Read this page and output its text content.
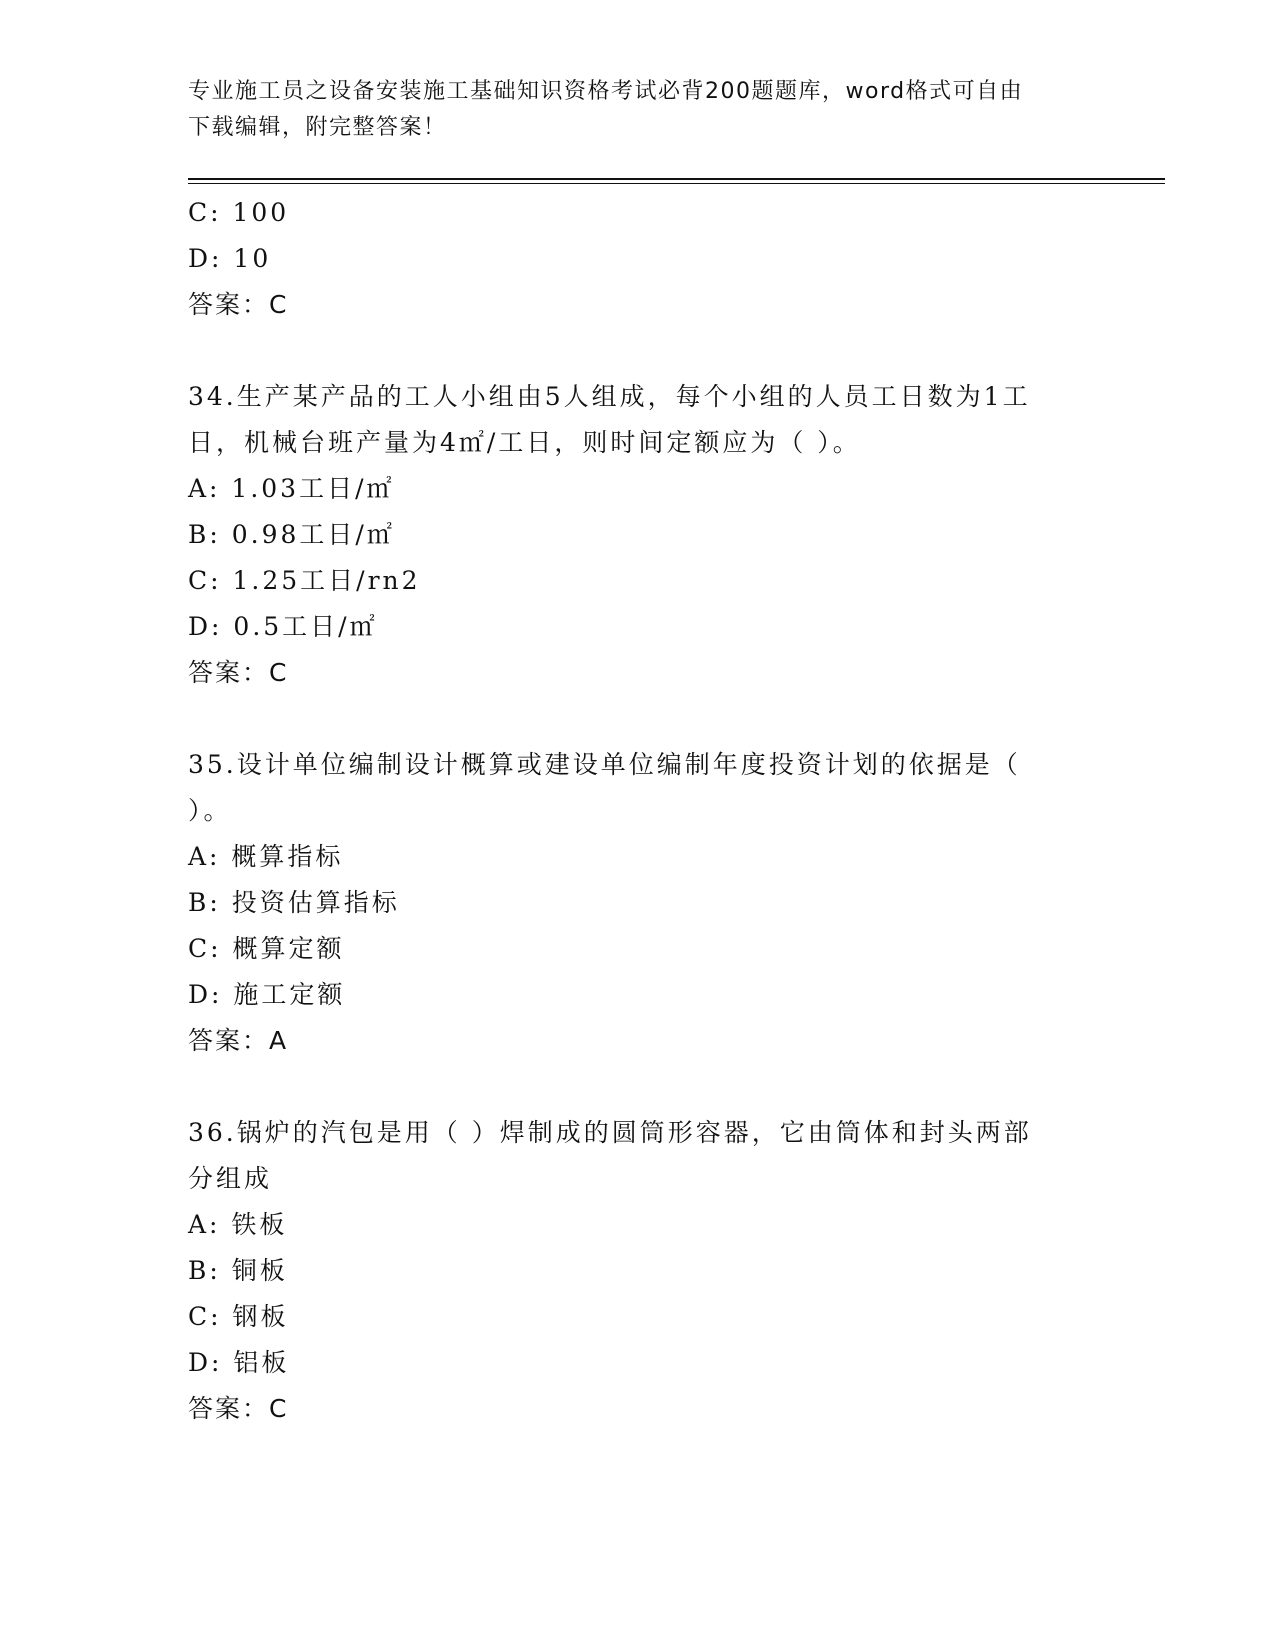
专业施工员之设备安装施工基础知识资格考试必背200题题库，word格式可自由
下载编辑，附完整答案！
C: 100
D: 10
答案：C
34.生产某产品的工人小组由5人组成，每个小组的人员工日数为1工
日，机械台班产量为4㎡/工日，则时间定额应为（ ）。
A: 1.03工日/㎡
B: 0.98工日/㎡
C: 1.25工日/rn2
D: 0.5工日/㎡
答案：C
35.设计单位编制设计概算或建设单位编制年度投资计划的依据是（
）。
A: 概算指标
B: 投资估算指标
C: 概算定额
D: 施工定额
答案：A
36.锅炉的汽包是用（ ）焊制成的圆筒形容器，它由筒体和封头两部
分组成
A: 铁板
B: 铜板
C: 钢板
D: 铝板
答案：C
